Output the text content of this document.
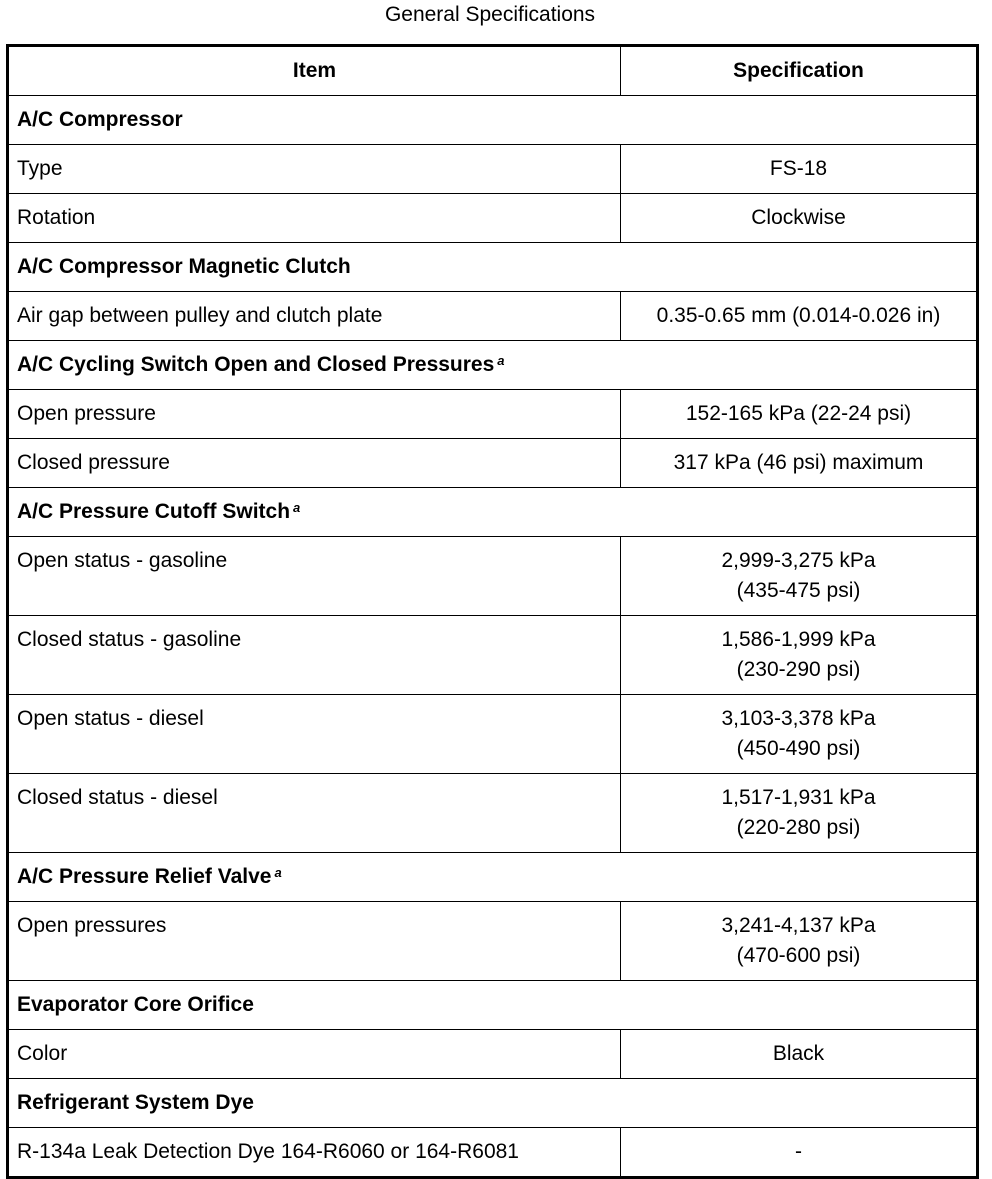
General Specifications
Item	Specification
A/C Compressor	
Type	FS-18

Rotation	Clockwise

A/C Compressor Magnetic Clutch	
Air gap between pulley and clutch plate	0.35-0.65 mm (0.014-0.026 in)

A/C Cycling Switch Open and Closed Pressures $^a$
Open pressure	152-165 kPa (22-24 psi)

Closed pressure	317 kPa (46 psi) maximum

A/C Pressure Cutoff Switch $^a$
Open status - gasoline	2,999-3,275 kPa
(435-475 psi)

Closed status - gasoline	1,586-1,999 kPa
(230-290 psi)

Open status - diesel	3,103-3,378 kPa
(450-490 psi)

Closed status - diesel	1,517-1,931 kPa
(220-280 psi)

A/C Pressure Relief Valve $^a$
Open pressures	3,241-4,137 kPa
(470-600 psi)

Evaporator Core Orifice	
Color	Black

Refrigerant System Dye	
R-134a Leak Detection Dye 164-R6060 or 164-R6081	-
